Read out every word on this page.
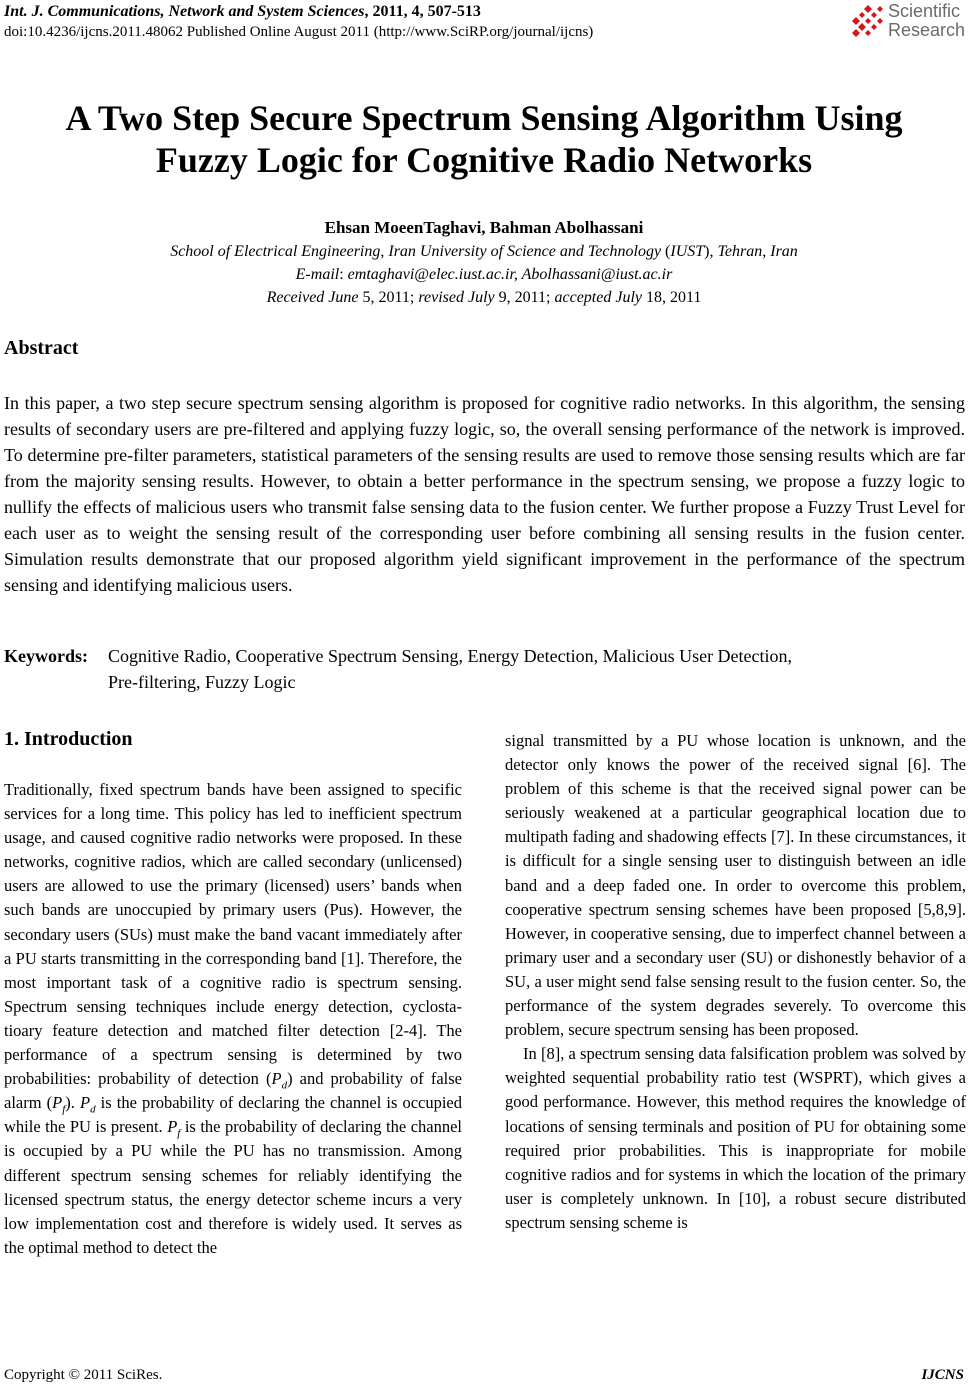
Int. J. Communications, Network and System Sciences, 2011, 4, 507-513
doi:10.4236/ijcns.2011.48062 Published Online August 2011 (http://www.SciRP.org/journal/ijcns)
Scientific
Research
A Two Step Secure Spectrum Sensing Algorithm Using
Fuzzy Logic for Cognitive Radio Networks
Ehsan MoeenTaghavi, Bahman Abolhassani
School of Electrical Engineering, Iran University of Science and Technology (IUST), Tehran, Iran
E-mail: emtaghavi@elec.iust.ac.ir, Abolhassani@iust.ac.ir
Received June 5, 2011; revised July 9, 2011; accepted July 18, 2011
Abstract
In this paper, a two step secure spectrum sensing algorithm is proposed for cognitive radio networks. In this algorithm, the sensing results of secondary users are pre-filtered and applying fuzzy logic, so, the overall sensing performance of the network is improved. To determine pre-filter parameters, statistical parameters of the sensing results are used to remove those sensing results which are far from the majority sensing results. However, to obtain a better performance in the spectrum sensing, we propose a fuzzy logic to nullify the effects of malicious users who transmit false sensing data to the fusion center. We further propose a Fuzzy Trust Level for each user as to weight the sensing result of the corresponding user before combining all sensing results in the fusion center. Simulation results demonstrate that our proposed algorithm yield significant improvement in the performance of the spectrum sensing and identifying malicious users.
Keywords: Cognitive Radio, Cooperative Spectrum Sensing, Energy Detection, Malicious User Detection,
Pre-filtering, Fuzzy Logic
1. Introduction

Traditionally, fixed spectrum bands have been assigned to specific services for a long time. This policy has led to inefficient spectrum usage, and caused cognitive radio networks were proposed. In these networks, cognitive radios, which are called secondary (unlicensed) users are allowed to use the primary (licensed) users’ bands when such bands are unoccupied by primary users (Pus). However, the secondary users (SUs) must make the band vacant immediately after a PU starts transmitting in the corresponding band [1]. Therefore, the most important task of a cognitive radio is spectrum sensing. Spectrum sensing techniques include energy detection, cyclostatioary feature detection and matched filter detection [2-4]. The performance of a spectrum sensing is determined by two probabilities: probability of detection $(P_d)$ and probability of false alarm $(P_f)$. $P_d$ is the probability of declaring the channel is occupied while the PU is present. $P_f$ is the probability of declaring the channel is occupied by a PU while the PU has no transmission. Among different spectrum sensing schemes for reliably identifying the licensed spectrum status, the energy detector scheme incurs a very low implementation cost and therefore is widely used. It serves as the optimal method to detect the

signal transmitted by a PU whose location is unknown, and the detector only knows the power of the received signal [6]. The problem of this scheme is that the received signal power can be seriously weakened at a particular geographical location due to multipath fading and shadowing effects [7]. In these circumstances, it is difficult for a single sensing user to distinguish between an idle band and a deep faded one. In order to overcome this problem, cooperative spectrum sensing schemes have been proposed [5,8,9]. However, in cooperative sensing, due to imperfect channel between a primary user and a secondary user (SU) or dishonestly behavior of a SU, a user might send false sensing result to the fusion center. So, the performance of the system degrades severely. To overcome this problem, secure spectrum sensing has been proposed.

In [8], a spectrum sensing data falsification problem was solved by weighted sequential probability ratio test (WSPRT), which gives a good performance. However, this method requires the knowledge of locations of sensing terminals and position of PU for obtaining some required prior probabilities. This is inappropriate for mobile cognitive radios and for systems in which the location of the primary user is completely unknown. In [10], a robust secure distributed spectrum sensing scheme is

Copyright © 2011 SciRes.	IJCNS
